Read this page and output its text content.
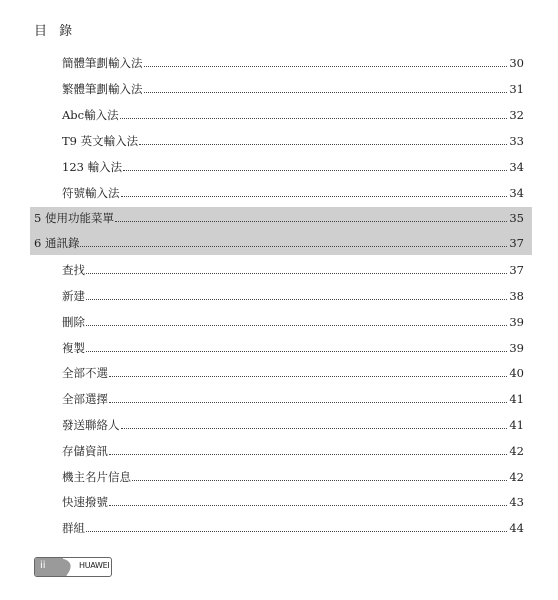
目 錄
簡體筆劃輸入法	30
繁體筆劃輸入法	31
Abc輸入法	32
T9 英文輸入法	33
123 輸入法	34
符號輸入法	34
5 使用功能菜單	35
6 通訊錄	37
查找	37
新建	38
刪除	39
複製	39
全部不選	40
全部選擇	41
發送聯絡人	41
存儲資訊	42
機主名片信息	42
快速撥號	43
群組	44
ii	HUAWEI
